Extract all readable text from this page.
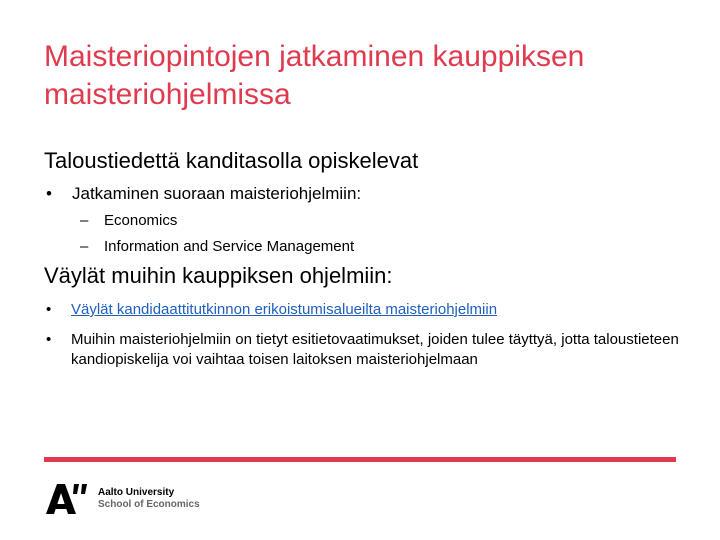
Maisteriopintojen jatkaminen kauppiksen maisteriohjelmissa

Taloustiedettä kanditasolla opiskelevat

•	Jatkaminen suoraan maisteriohjelmiin:
–	Economics
–	Information and Service Management

Väylät muihin kauppiksen ohjelmiin:

•	Väylät kandidaattitutkinnon erikoistumisalueilta maisteriohjelmiin
•	Muihin maisteriohjelmiin on tietyt esitietovaatimukset, joiden tulee täyttyä, jotta taloustieteen kandiopiskelija voi vaihtaa toisen laitoksen maisteriohjelmaan
Aalto University
School of Economics
